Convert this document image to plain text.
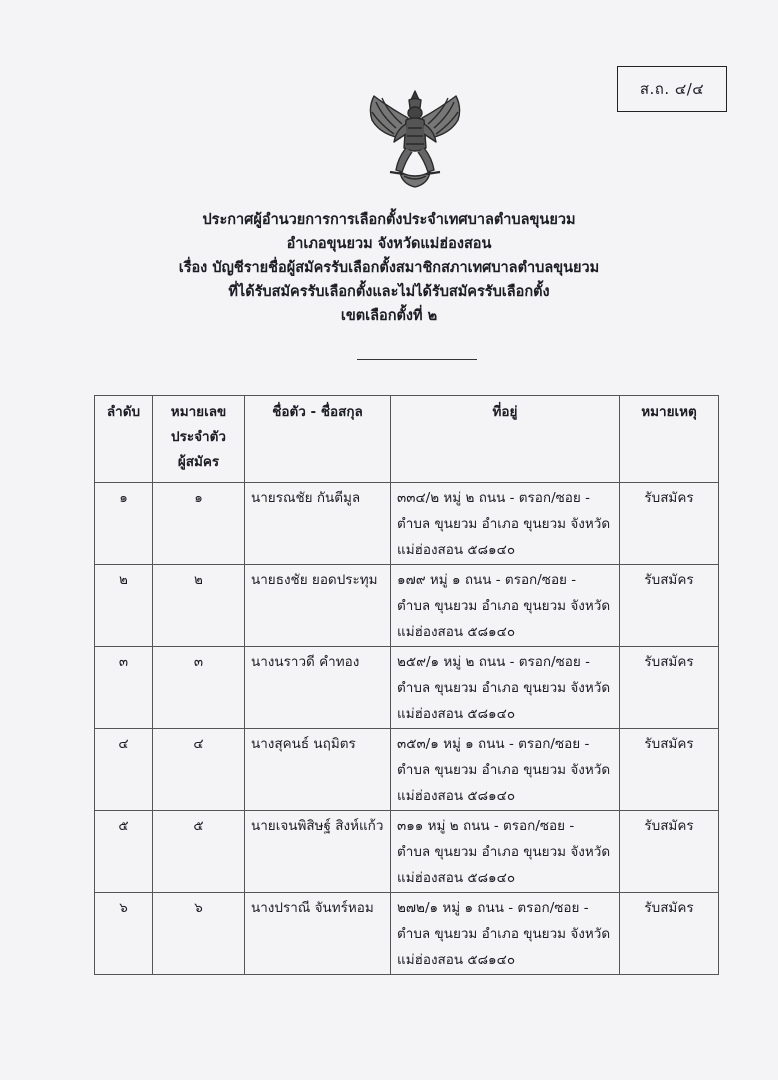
ส.ถ. ๔/๔
ประกาศผู้อำนวยการการเลือกตั้งประจำเทศบาลตำบลขุนยวม
อำเภอขุนยวม จังหวัดแม่ฮ่องสอน
เรื่อง บัญชีรายชื่อผู้สมัครรับเลือกตั้งสมาชิกสภาเทศบาลตำบลขุนยวม
ที่ได้รับสมัครรับเลือกตั้งและไม่ได้รับสมัครรับเลือกตั้ง
เขตเลือกตั้งที่ ๒
ลำดับ	หมายเลข
ประจำตัว
ผู้สมัคร	ชื่อตัว - ชื่อสกุล	ที่อยู่	หมายเหตุ
๑	๑	นายรณชัย กันตีมูล	๓๓๔/๒ หมู่ ๒ ถนน - ตรอก/ซอย -
ตำบล ขุนยวม อำเภอ ขุนยวม จังหวัด
แม่ฮ่องสอน ๕๘๑๔๐	รับสมัคร
๒	๒	นายธงชัย ยอดประทุม	๑๗๙ หมู่ ๑ ถนน - ตรอก/ซอย -
ตำบล ขุนยวม อำเภอ ขุนยวม จังหวัด
แม่ฮ่องสอน ๕๘๑๔๐	รับสมัคร
๓	๓	นางนราวดี คำทอง	๒๕๙/๑ หมู่ ๒ ถนน - ตรอก/ซอย -
ตำบล ขุนยวม อำเภอ ขุนยวม จังหวัด
แม่ฮ่องสอน ๕๘๑๔๐	รับสมัคร
๔	๔	นางสุคนธ์ นฤมิตร	๓๕๓/๑ หมู่ ๑ ถนน - ตรอก/ซอย -
ตำบล ขุนยวม อำเภอ ขุนยวม จังหวัด
แม่ฮ่องสอน ๕๘๑๔๐	รับสมัคร
๕	๕	นายเจนพิสิษฐ์ สิงห์แก้ว	๓๑๑ หมู่ ๒ ถนน - ตรอก/ซอย -
ตำบล ขุนยวม อำเภอ ขุนยวม จังหวัด
แม่ฮ่องสอน ๕๘๑๔๐	รับสมัคร
๖	๖	นางปราณี จันทร์หอม	๒๗๒/๑ หมู่ ๑ ถนน - ตรอก/ซอย -
ตำบล ขุนยวม อำเภอ ขุนยวม จังหวัด
แม่ฮ่องสอน ๕๘๑๔๐	รับสมัคร
